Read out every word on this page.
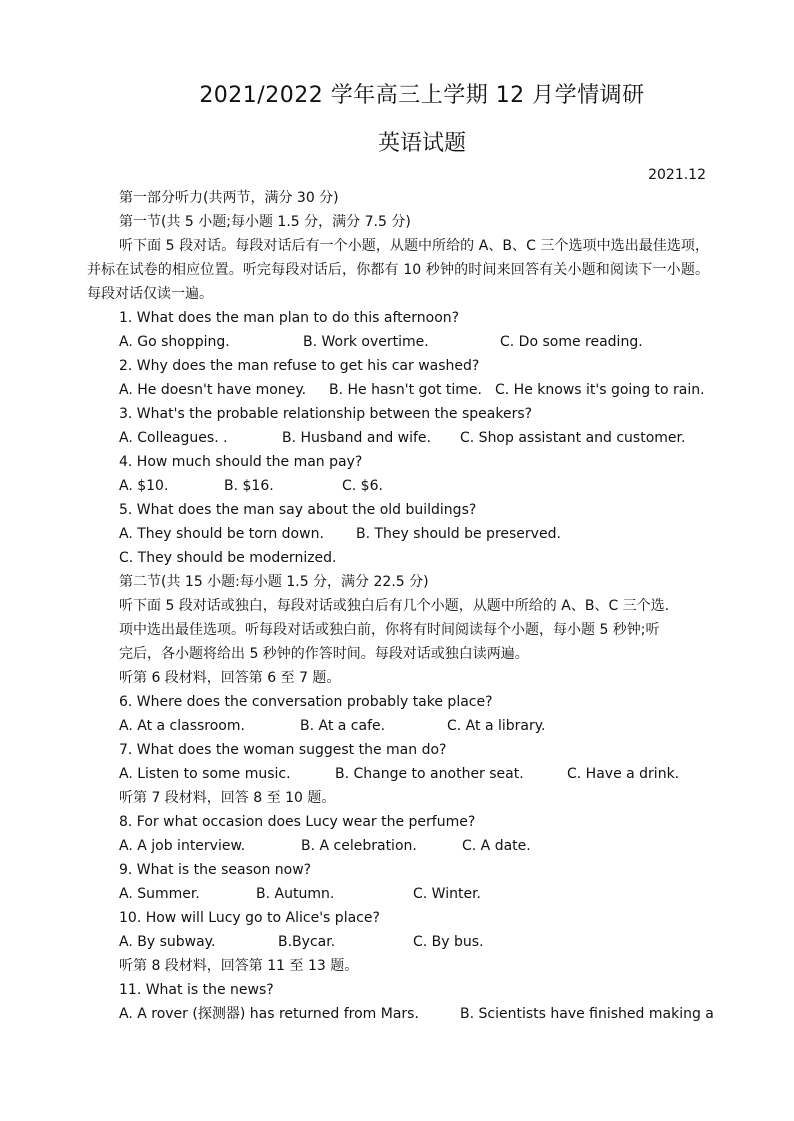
2021/2022 学年高三上学期 12 月学情调研
英语试题
2021.12
第一部分听力(共两节，满分 30 分)
第一节(共 5 小题;每小题 1.5 分，满分 7.5 分)
听下面 5 段对话。每段对话后有一个小题，从题中所给的 A、B、C 三个选项中选出最佳选项，并标在试卷的相应位置。听完每段对话后，你都有 10 秒钟的时间来回答有关小题和阅读下一小题。每段对话仅读一遍。
1. What does the man plan to do this afternoon?
A. Go shopping.	B. Work overtime.	C. Do some reading.
2. Why does the man refuse to get his car washed?
A. He doesn't have money. B. He hasn't got time. C. He knows it's going to rain.
3. What's the probable relationship between the speakers?
A. Colleagues. .	B. Husband and wife. C. Shop assistant and customer.
4. How much should the man pay?
A. $10.	B. $16.	C. $6.
5. What does the man say about the old buildings?
A. They should be torn down. B. They should be preserved.
C. They should be modernized.
第二节(共 15 小题:每小题 1.5 分，满分 22.5 分)
听下面 5 段对话或独白，每段对话或独白后有几个小题，从题中所给的 A、B、C 三个选.
项中选出最佳选项。听每段对话或独白前，你将有时间阅读每个小题，每小题 5 秒钟;听
完后，各小题将给出 5 秒钟的作答时间。每段对话或独白读两遍。
听第 6 段材料，回答第 6 至 7 题。
6. Where does the conversation probably take place?
A. At a classroom.	B. At a cafe.	C. At a library.
7. What does the woman suggest the man do?
A. Listen to some music.	B. Change to another seat.	C. Have a drink.
听第 7 段材料，回答 8 至 10 题。
8. For what occasion does Lucy wear the perfume?
A. A job interview.	B. A celebration.	C. A date.
9. What is the season now?
A. Summer.	B. Autumn.	C. Winter.
10. How will Lucy go to Alice's place?
A. By subway.	B.Bycar.	C. By bus.
听第 8 段材料，回答第 11 至 13 题。
11. What is the news?
A. A rover (探测器) has returned from Mars.	B. Scientists have finished making a
